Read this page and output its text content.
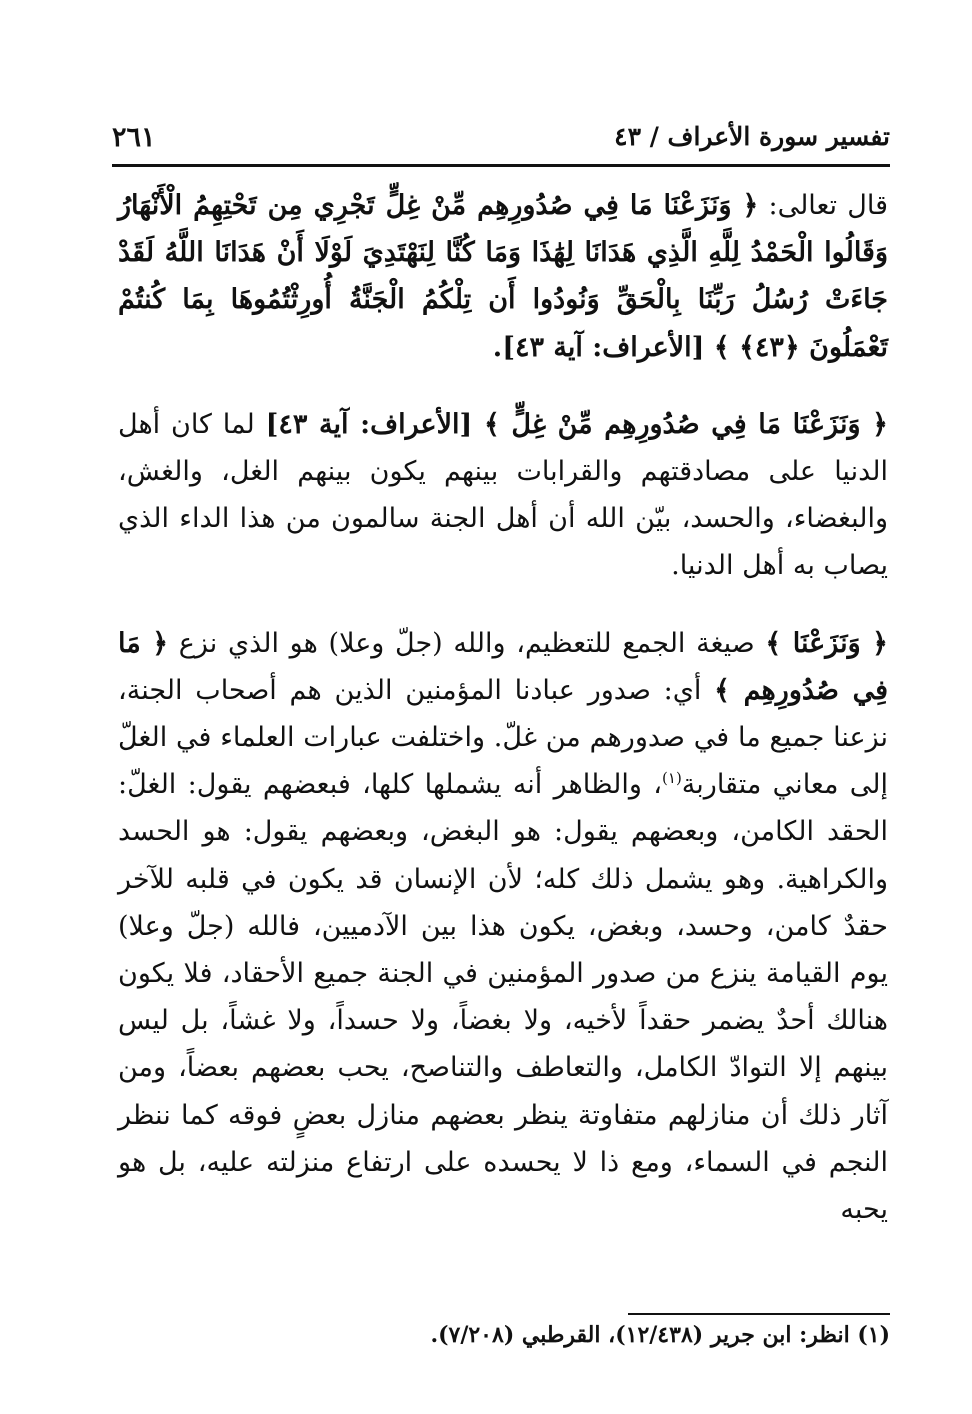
تفسير سورة الأعراف / ٤٣
٢٦١

قال تعالى: ﴿ وَنَزَعْنَا مَا فِي صُدُورِهِم مِّنْ غِلٍّ تَجْرِي مِن تَحْتِهِمُ الْأَنْهَارُ وَقَالُوا الْحَمْدُ لِلَّهِ الَّذِي هَدَانَا لِهَٰذَا وَمَا كُنَّا لِنَهْتَدِيَ لَوْلَا أَنْ هَدَانَا اللَّهُ لَقَدْ جَاءَتْ رُسُلُ رَبِّنَا بِالْحَقِّ وَنُودُوا أَن تِلْكُمُ الْجَنَّةُ أُورِثْتُمُوهَا بِمَا كُنتُمْ تَعْمَلُونَ ﴿٤٣﴾ ﴾ [الأعراف: آية ٤٣].

﴿ وَنَزَعْنَا مَا فِي صُدُورِهِم مِّنْ غِلٍّ ﴾ [الأعراف: آية ٤٣] لما كان أهل الدنيا على مصادقتهم والقرابات بينهم يكون بينهم الغل، والغش، والبغضاء، والحسد، بيّن الله أن أهل الجنة سالمون من هذا الداء الذي يصاب به أهل الدنيا.

﴿ وَنَزَعْنَا ﴾ صيغة الجمع للتعظيم، والله (جلّ وعلا) هو الذي نزع ﴿ مَا فِي صُدُورِهِم ﴾ أي: صدور عبادنا المؤمنين الذين هم أصحاب الجنة، نزعنا جميع ما في صدورهم من غلّ. واختلفت عبارات العلماء في الغلّ إلى معاني متقاربة$^{(١)}$، والظاهر أنه يشملها كلها، فبعضهم يقول: الغلّ: الحقد الكامن، وبعضهم يقول: هو البغض، وبعضهم يقول: هو الحسد والكراهية. وهو يشمل ذلك كله؛ لأن الإنسان قد يكون في قلبه للآخر حقدٌ كامن، وحسد، وبغض، يكون هذا بين الآدميين، فالله (جلّ وعلا) يوم القيامة ينزع من صدور المؤمنين في الجنة جميع الأحقاد، فلا يكون هنالك أحدٌ يضمر حقداً لأخيه، ولا بغضاً، ولا حسداً، ولا غشاً، بل ليس بينهم إلا التوادّ الكامل، والتعاطف والتناصح، يحب بعضهم بعضاً، ومن آثار ذلك أن منازلهم متفاوتة ينظر بعضهم منازل بعضٍ فوقه كما ننظر النجم في السماء، ومع ذا لا يحسده على ارتفاع منزلته عليه، بل هو يحبه

(١) انظر: ابن جرير (١٢/٤٣٨)، القرطبي (٧/٢٠٨).
